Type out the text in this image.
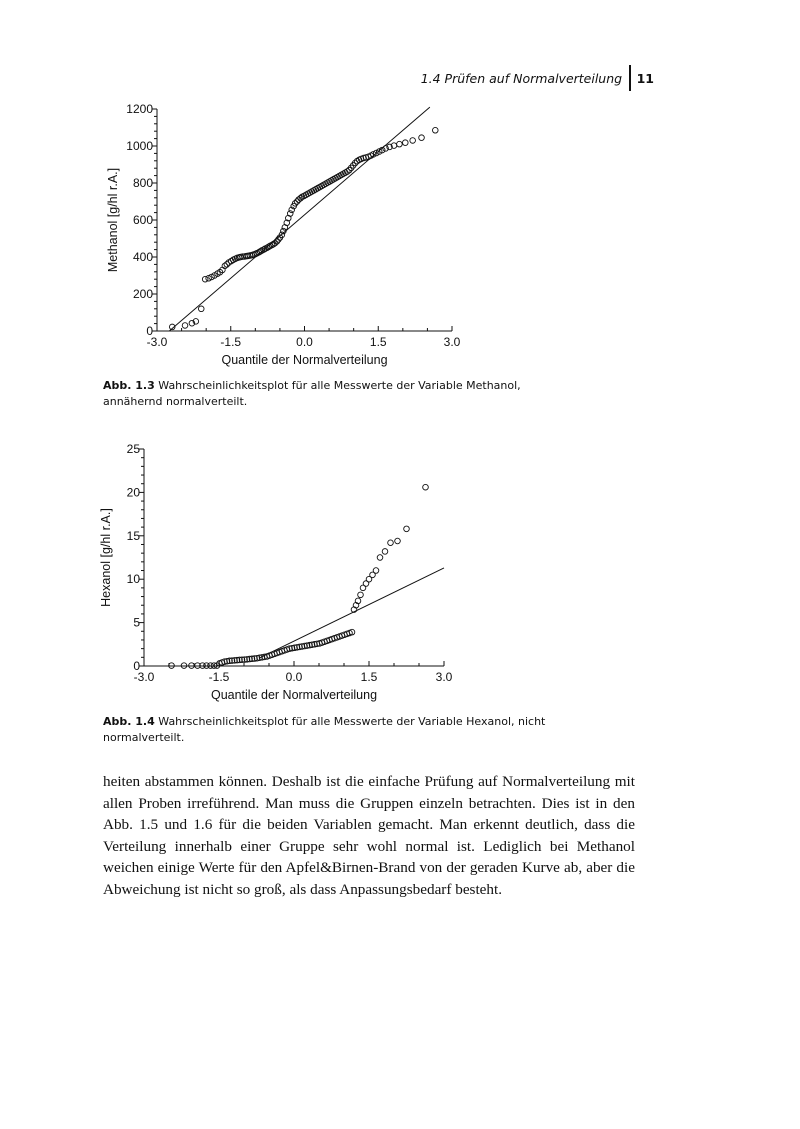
1.4 Prüfen auf Normalverteilung	11
0
200
400
600
800
1000
1200
-3.0	-1.5	0.0	1.5	3.0
Quantile der Normalverteilung
Methanol [g/hl r.A.]
Abb. 1.3 Wahrscheinlichkeitsplot für alle Messwerte der Variable Methanol, annähernd normalverteilt.
0
5
10
15
20
25
-3.0	-1.5	0.0	1.5	3.0
Quantile der Normalverteilung
Hexanol [g/hl r.A.]
Abb. 1.4 Wahrscheinlichkeitsplot für alle Messwerte der Variable Hexanol, nicht normalverteilt.

heiten abstammen können. Deshalb ist die einfache Prüfung auf Normalverteilung mit allen Proben irreführend. Man muss die Gruppen einzeln betrachten. Dies ist in den Abb. 1.5 und 1.6 für die beiden Variablen gemacht. Man erkennt deutlich, dass die Verteilung innerhalb einer Gruppe sehr wohl normal ist. Lediglich bei Methanol weichen einige Werte für den Apfel&Birnen-Brand von der geraden Kurve ab, aber die Abweichung ist nicht so groß, als dass Anpassungsbedarf besteht.
